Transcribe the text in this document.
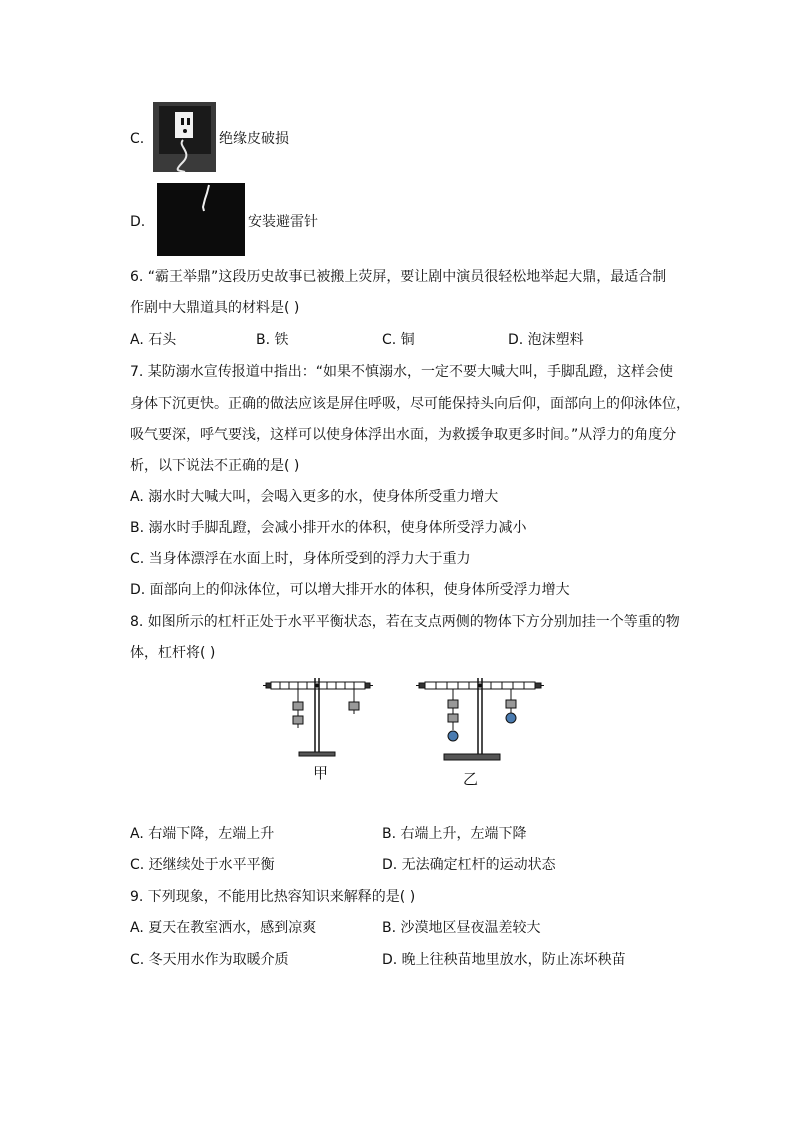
C.	绝缘皮破损
D.	安装避雷针
6. “霸王举鼎”这段历史故事已被搬上荧屏，要让剧中演员很轻松地举起大鼎，最适合制
作剧中大鼎道具的材料是( )
A. 石头	B. 铁	C. 铜	D. 泡沫塑料
7. 某防溺水宣传报道中指出：“如果不慎溺水，一定不要大喊大叫，手脚乱蹬，这样会使
身体下沉更快。正确的做法应该是屏住呼吸，尽可能保持头向后仰，面部向上的仰泳体位，
吸气要深，呼气要浅，这样可以使身体浮出水面，为救援争取更多时间。”从浮力的角度分
析，以下说法不正确的是( )
A. 溺水时大喊大叫，会喝入更多的水，使身体所受重力增大
B. 溺水时手脚乱蹬，会减小排开水的体积，使身体所受浮力减小
C. 当身体漂浮在水面上时，身体所受到的浮力大于重力
D. 面部向上的仰泳体位，可以增大排开水的体积，使身体所受浮力增大
8. 如图所示的杠杆正处于水平平衡状态，若在支点两侧的物体下方分别加挂一个等重的物
体，杠杆将( )
甲	乙
A. 右端下降，左端上升	B. 右端上升，左端下降
C. 还继续处于水平平衡	D. 无法确定杠杆的运动状态
9. 下列现象，不能用比热容知识来解释的是( )
A. 夏天在教室洒水，感到凉爽	B. 沙漠地区昼夜温差较大
C. 冬天用水作为取暖介质	D. 晚上往秧苗地里放水，防止冻坏秧苗
